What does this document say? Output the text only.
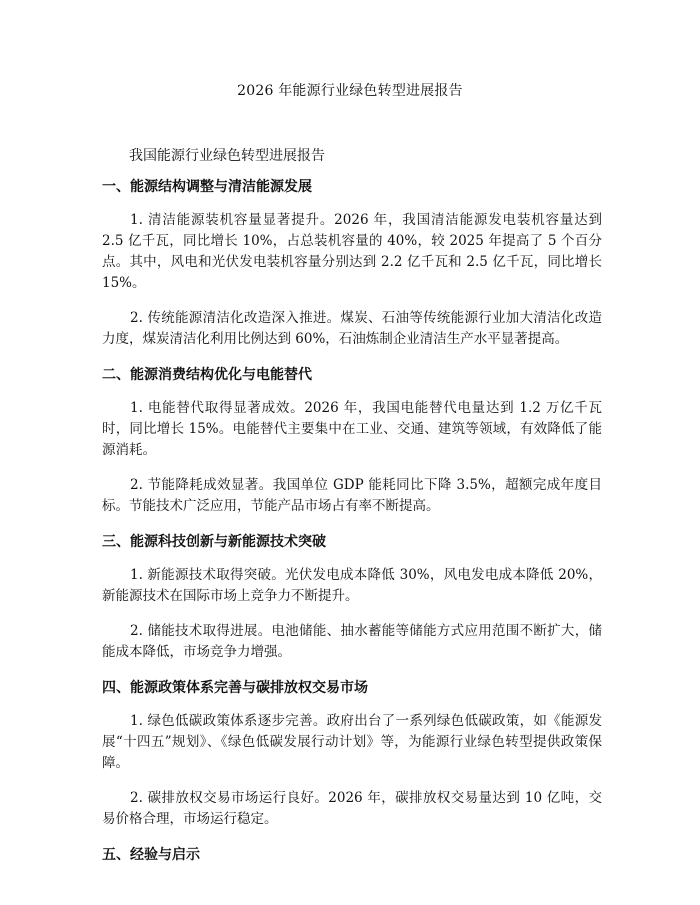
2026 年能源行业绿色转型进展报告
我国能源行业绿色转型进展报告
一、能源结构调整与清洁能源发展

1. 清洁能源装机容量显著提升。2026 年，我国清洁能源发电装机容量达到 2.5 亿千瓦，同比增长 10%，占总装机容量的 40%，较 2025 年提高了 5 个百分点。其中，风电和光伏发电装机容量分别达到 2.2 亿千瓦和 2.5 亿千瓦，同比增长 15%。

2. 传统能源清洁化改造深入推进。煤炭、石油等传统能源行业加大清洁化改造力度，煤炭清洁化利用比例达到 60%，石油炼制企业清洁生产水平显著提高。

二、能源消费结构优化与电能替代

1. 电能替代取得显著成效。2026 年，我国电能替代电量达到 1.2 万亿千瓦时，同比增长 15%。电能替代主要集中在工业、交通、建筑等领域，有效降低了能源消耗。

2. 节能降耗成效显著。我国单位 GDP 能耗同比下降 3.5%，超额完成年度目标。节能技术广泛应用，节能产品市场占有率不断提高。

三、能源科技创新与新能源技术突破

1. 新能源技术取得突破。光伏发电成本降低 30%，风电发电成本降低 20%，新能源技术在国际市场上竞争力不断提升。

2. 储能技术取得进展。电池储能、抽水蓄能等储能方式应用范围不断扩大，储能成本降低，市场竞争力增强。

四、能源政策体系完善与碳排放权交易市场

1. 绿色低碳政策体系逐步完善。政府出台了一系列绿色低碳政策，如《能源发展“十四五”规划》、《绿色低碳发展行动计划》等，为能源行业绿色转型提供政策保障。

2. 碳排放权交易市场运行良好。2026 年，碳排放权交易量达到 10 亿吨，交易价格合理，市场运行稳定。

五、经验与启示
